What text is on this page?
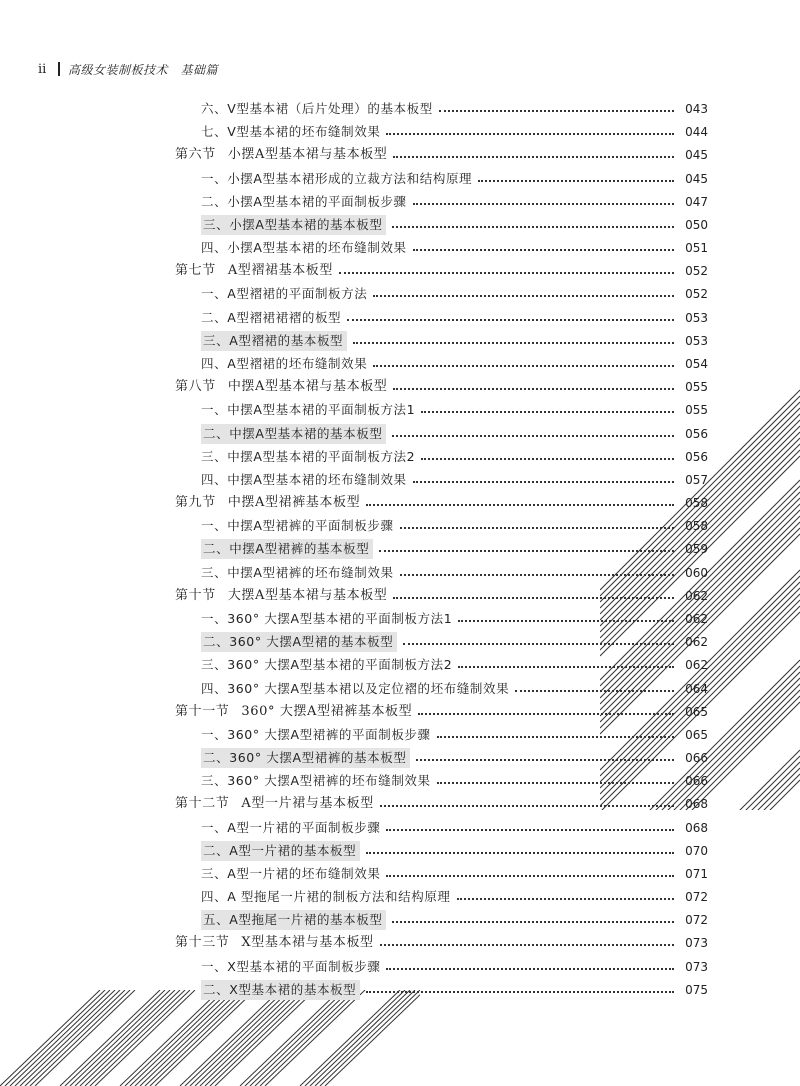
ii	高级女装制板技术　基础篇
六、V型基本裙（后片处理）的基本板型	043
七、V型基本裙的坯布缝制效果	044
第六节 小摆A型基本裙与基本板型	045
一、小摆A型基本裙形成的立裁方法和结构原理	045
二、小摆A型基本裙的平面制板步骤	047
三、小摆A型基本裙的基本板型	050
四、小摆A型基本裙的坯布缝制效果	051
第七节 A型褶裙基本板型	052
一、A型褶裙的平面制板方法	052
二、A型褶裙裙褶的板型	053
三、A型褶裙的基本板型	053
四、A型褶裙的坯布缝制效果	054
第八节 中摆A型基本裙与基本板型	055
一、中摆A型基本裙的平面制板方法1	055
二、中摆A型基本裙的基本板型	056
三、中摆A型基本裙的平面制板方法2	056
四、中摆A型基本裙的坯布缝制效果	057
第九节 中摆A型裙裤基本板型	058
一、中摆A型裙裤的平面制板步骤	058
二、中摆A型裙裤的基本板型	059
三、中摆A型裙裤的坯布缝制效果	060
第十节 大摆A型基本裙与基本板型	062
一、360° 大摆A型基本裙的平面制板方法1	062
二、360° 大摆A型裙的基本板型	062
三、360° 大摆A型基本裙的平面制板方法2	062
四、360° 大摆A型基本裙以及定位褶的坯布缝制效果	064
第十一节 360° 大摆A型裙裤基本板型	065
一、360° 大摆A型裙裤的平面制板步骤	065
二、360° 大摆A型裙裤的基本板型	066
三、360° 大摆A型裙裤的坯布缝制效果	066
第十二节 A型一片裙与基本板型	068
一、A型一片裙的平面制板步骤	068
二、A型一片裙的基本板型	070
三、A型一片裙的坯布缝制效果	071
四、A 型拖尾一片裙的制板方法和结构原理	072
五、A型拖尾一片裙的基本板型	072
第十三节 X型基本裙与基本板型	073
一、X型基本裙的平面制板步骤	073
二、X型基本裙的基本板型	075
